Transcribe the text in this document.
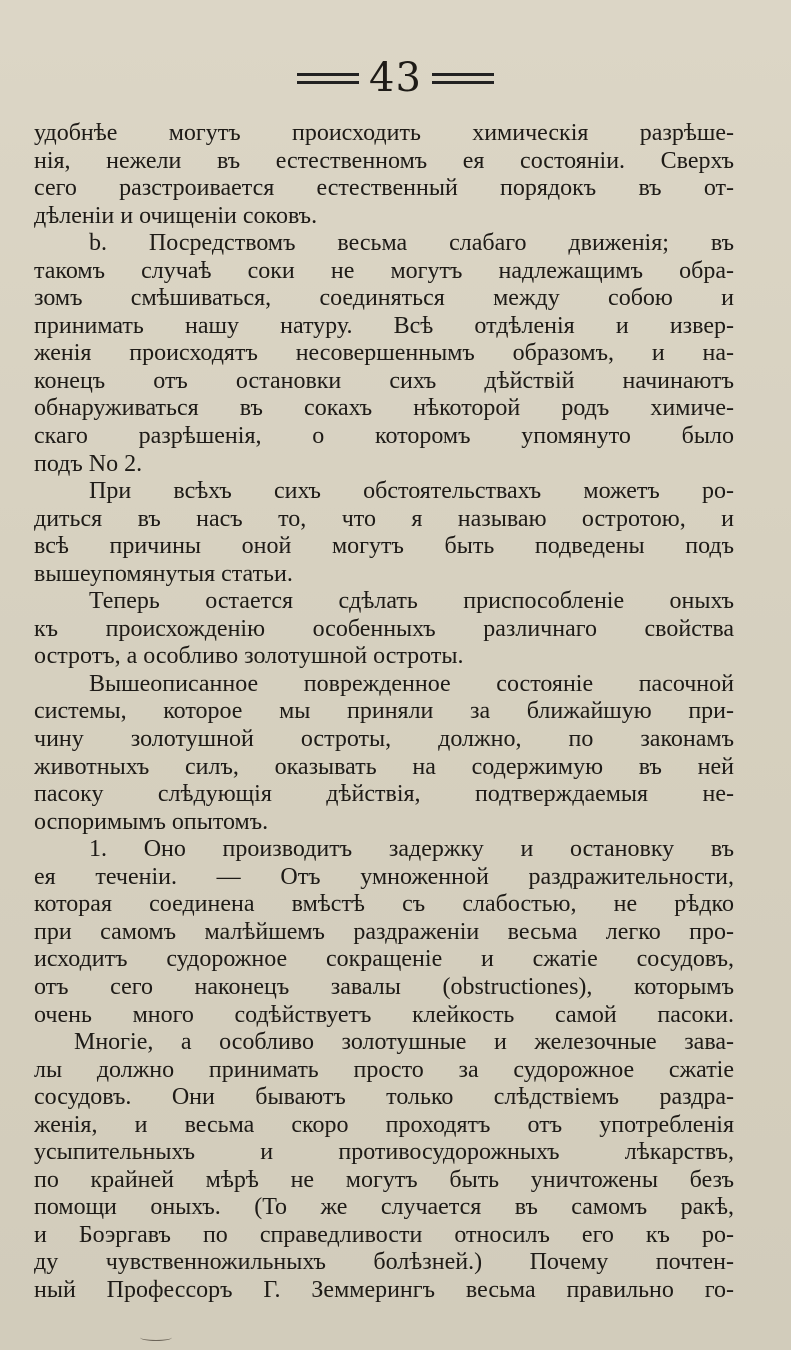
43
удобнѣе могутъ происходить химическія разрѣше-
нія, нежели въ естественномъ ея состояніи. Сверхъ
сего разстроивается естественный порядокъ въ от-
дѣленіи и очищеніи соковъ.
b. Посредствомъ весьма слабаго движенія; въ
такомъ случаѣ соки не могутъ надлежащимъ обра-
зомъ смѣшиваться, соединяться между собою и
принимать нашу натуру. Всѣ отдѣленія и извер-
женія происходятъ несовершеннымъ образомъ, и на-
конецъ отъ остановки сихъ дѣйствій начинаютъ
обнаруживаться въ сокахъ нѣкоторой родъ химиче-
скаго разрѣшенія, о которомъ упомянуто было
подъ No 2.
При всѣхъ сихъ обстоятельствахъ можетъ ро-
диться въ насъ то, что я называю остротою, и
всѣ причины оной могутъ быть подведены подъ
вышеупомянутыя статьи.
Теперь остается сдѣлать приспособленіе оныхъ
къ происхожденію особенныхъ различнаго свойства
остротъ, а особливо золотушной остроты.
Вышеописанное поврежденное состояніе пасочной
системы, которое мы приняли за ближайшую при-
чину золотушной остроты, должно, по законамъ
животныхъ силъ, оказывать на содержимую въ ней
пасоку слѣдующія дѣйствія, подтверждаемыя не-
оспоримымъ опытомъ.
1. Оно производитъ задержку и остановку въ
ея теченіи. — Отъ умноженной раздражительности,
которая соединена вмѣстѣ съ слабостью, не рѣдко
при самомъ малѣйшемъ раздраженіи весьма легко про-
исходитъ судорожное сокращеніе и сжатіе сосудовъ,
отъ сего наконецъ завалы (obstructiones), которымъ
очень много содѣйствуетъ клейкость самой пасоки.
Многіе, а особливо золотушные и железочные зава-
лы должно принимать просто за судорожное сжатіе
сосудовъ. Они бываютъ только слѣдствіемъ раздра-
женія, и весьма скоро проходятъ отъ употребленія
усыпительныхъ и противосудорожныхъ лѣкарствъ,
по крайней мѣрѣ не могутъ быть уничтожены безъ
помощи оныхъ. (То же случается въ самомъ ракѣ,
и Боэргавъ по справедливости относилъ его къ ро-
ду чувственножильныхъ болѣзней.) Почему почтен-
ный Профессоръ Г. Земмерингъ весьма правильно го-
